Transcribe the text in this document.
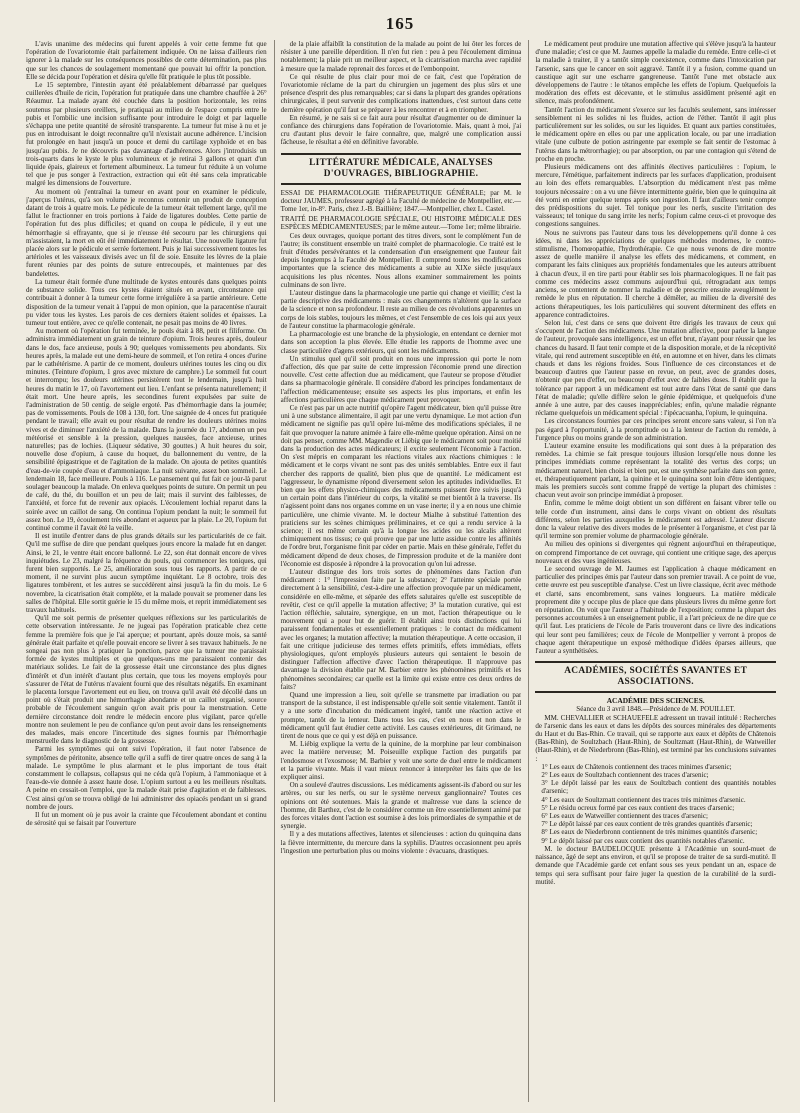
165

L'avis unanime des médecins qui furent appelés à voir cette femme fut que l'opération de l'ovariotomie était parfaitement indiquée. On ne laissa d'ailleurs rien ignorer à la malade sur les conséquences possibles de cette détermination, pas plus que sur les chances de soulagement momentané que pouvait lui offrir la ponction. Elle se décida pour l'opération et désira qu'elle fût pratiquée le plus tôt possible.

Le 15 septembre, l'intestin ayant été préalablement débarrassé par quelques cuillerées d'huile de ricin, l'opération fut pratiquée dans une chambre chauffée à 26° Réaumur. La malade ayant été couchée dans la position horizontale, les reins soutenus par plusieurs oreillers, je pratiquai au milieu de l'espace compris entre le pubis et l'ombilic une incision suffisante pour introduire le doigt et par laquelle s'échappa une petite quantité de sérosité transparente. La tumeur fut mise à nu et je pus en introduisant le doigt reconnaître qu'il n'existait aucune adhérence. L'incision fut prolongée en haut jusqu'à un pouce et demi du cartilage xyphoïde et en bas jusqu'au pubis. Je ne découvris pas davantage d'adhérences. Alors j'introduisis un trois-quarts dans le kyste le plus volumineux et je retirai 3 gallons et quart d'un liquide épais, glaireux et fortement albumineux. La tumeur fut réduite à un volume tel que je pus songer à l'extraction, extraction qui eût été sans cela impraticable malgré les dimensions de l'ouverture.

Au moment où j'entraînai la tumeur en avant pour en examiner le pédicule, j'aperçus l'utérus, qu'à son volume je reconnus contenir un produit de conception datant de trois à quatre mois. Le pédicule de la tumeur était tellement large, qu'il me fallut le fractionner en trois portions à l'aide de ligatures doubles. Cette partie de l'opération fut des plus difficiles; et quand on coupa le pédicule, il y eut une hémorrhagie si effrayante, que si je n'eusse été secouru par les chirurgiens qui m'assistaient, la mort en eût été immédiatement le résultat. Une nouvelle ligature fut placée alors sur le pédicule et serrée fortement. Puis je liai successivement toutes les artérioles et les vaisseaux divisés avec un fil de soie. Ensuite les lèvres de la plaie furent réunies par des points de suture entrecoupés, et maintenues par des bandelettes.

La tumeur était formée d'une multitude de kystes entourés dans quelques points de substance solide. Tous ces kystes étaient situés en avant, circonstance qui contribuait à donner à la tumeur cette forme irrégulière à sa partie antérieure. Cette disposition de la tumeur venait à l'appui de mon opinion, que la paracentèse n'aurait pu vider tous les kystes. Les parois de ces derniers étaient solides et épaisses. La tumeur tout entière, avec ce qu'elle contenait, ne pesait pas moins de 40 livres.

Au moment où l'opération fut terminée, le pouls était à 88, petit et filiforme. On administra immédiatement un grain de teinture d'opium. Trois heures après, douleur dans le dos, face anxieuse, pouls à 90; quelques vomissements peu abondants. Six heures après, la malade eut une demi-heure de sommeil, et l'on retira 4 onces d'urine par le cathétérisme. A partir de ce moment, douleurs utérines toutes les cinq ou dix minutes. (Teinture d'opium, 1 gros avec mixture de camphre.) Le sommeil fut court et interrompu; les douleurs utérines persistèrent tout le lendemain, jusqu'à huit heures du matin le 17, où l'avortement eut lieu. L'enfant se présenta naturellement; il était mort. Une heure après, les secondines furent expulsées par suite de l'administration de 50 centig. de seigle ergoté. Pas d'hémorrhagie dans la journée; pas de vomissements. Pouls de 108 à 130, fort. Une saignée de 4 onces fut pratiquée pendant le travail; elle avait eu pour résultat de rendre les douleurs utérines moins vives et de diminuer l'anxiété de la malade. Dans la journée du 17, abdomen un peu météorisé et sensible à la pression, quelques nausées, face anxieuse, urines naturelles; pas de lochies. (Liqueur sédative, 30 gouttes.) A huit heures du soir, nouvelle dose d'opium, à cause du hoquet, du ballonnement du ventre, de la sensibilité épigastrique et de l'agitation de la malade. On ajouta de petites quantités d'eau-de-vie coupée d'eau et d'ammoniaque. La nuit suivante, assez bon sommeil. Le lendemain 18, face meilleure. Pouls à 116. Le pansement qui fut fait ce jour-là parut soulager beaucoup la malade. On enleva quelques points de suture. On permit un peu de café, du thé, du bouillon et un peu de lait; mais il survint des faiblesses, de l'anxiété, et force fut de revenir aux opiacés. L'écoulement lochial reparut dans la soirée avec un caillot de sang. On continua l'opium pendant la nuit; le sommeil fut assez bon. Le 19, écoulement très abondant et aqueux par la plaie. Le 20, l'opium fut continué comme il l'avait été la veille.

Il est inutile d'entrer dans de plus grands détails sur les particularités de ce fait. Qu'il me suffise de dire que pendant quelques jours encore la malade fut en danger. Ainsi, le 21, le ventre était encore ballonné. Le 22, son état donnait encore de vives inquiétudes. Le 23, malgré la fréquence du pouls, qui commencer les toniques, qui furent bien supportés. Le 25, amélioration sous tous les rapports. A partir de ce moment, il ne survint plus aucun symptôme inquiétant. Le 8 octobre, trois des ligatures tombèrent, et les autres se succédèrent ainsi jusqu'à la fin du mois. Le 6 novembre, la cicatrisation était complète, et la malade pouvait se promener dans les salles de l'hôpital. Elle sortit guérie le 15 du même mois, et reprit immédiatement ses travaux habituels.

Qu'il me soit permis de présenter quelques réflexions sur les particularités de cette observation intéressante. Je ne jugeai pas l'opération praticable chez cette femme la première fois que je l'ai aperçue; et pourtant, après douze mois, sa santé générale était parfaite et qu'elle pouvait encore se livrer à ses travaux habituels. Je ne songeai pas non plus à pratiquer la ponction, parce que la tumeur me paraissait formée de kystes multiples et que quelques-uns me paraissaient contenir des matériaux solides. Le fait de la grossesse était une circonstance des plus dignes d'intérêt et d'un intérêt d'autant plus certain, que tous les moyens employés pour s'assurer de l'état de l'utérus n'avaient fourni que des résultats négatifs. En examinant le placenta lorsque l'avortement eut eu lieu, on trouva qu'il avait été décollé dans un point où s'était produit une hémorrhagie abondante et un caillot organisé, source probable de l'écoulement sanguin qu'on avait pris pour la menstruation. Cette dernière circonstance doit rendre le médecin encore plus vigilant, parce qu'elle montre non seulement le peu de confiance qu'on peut avoir dans les renseignements des malades, mais encore l'incertitude des signes fournis par l'hémorrhagie menstruelle dans le diagnostic de la grossesse.

Parmi les symptômes qui ont suivi l'opération, il faut noter l'absence de symptômes de péritonite, absence telle qu'il a suffi de tirer quatre onces de sang à la malade. Le symptôme le plus alarmant et le plus important de tous était constamment le collapsus, collapsus qui ne céda qu'à l'opium, à l'ammoniaque et à l'eau-de-vie donnée à assez haute dose. L'opium surtout a eu les meilleurs résultats. A peine en cessait-on l'emploi, que la malade était prise d'agitation et de faiblesses. C'est ainsi qu'on se trouva obligé de lui administrer des opiacés pendant un si grand nombre de jours.

Il fut un moment où je pus avoir la crainte que l'écoulement abondant et continu de sérosité qui se faisait par l'ouverture

de la plaie affaiblît la constitution de la malade au point de lui ôter les forces de résister à une pareille déperdition. Il n'en fut rien : peu à peu l'écoulement diminua notablement; la plaie prit un meilleur aspect, et la cicatrisation marcha avec rapidité à mesure que la malade reprenait des forces et de l'embonpoint.

Ce qui résulte de plus clair pour moi de ce fait, c'est que l'opération de l'ovariotomie réclame de la part du chirurgien un jugement des plus sûrs et une présence d'esprit des plus remarquables; car si dans la plupart des grandes opérations chirurgicales, il peut survenir des complications inattendues, c'est surtout dans cette dernière opération qu'il faut se préparer à les rencontrer et à en triompher.

En résumé, je ne sais si ce fait aura pour résultat d'augmenter ou de diminuer la confiance des chirurgiens dans l'opération de l'ovariotomie. Mais, quant à moi, j'ai cru d'autant plus devoir le faire connaître, que, malgré une complication aussi fâcheuse, le résultat a été en définitive favorable.

LITTÉRATURE MÉDICALE, ANALYSES D'OUVRAGES, BIBLIOGRAPHIE.

ESSAI DE PHARMACOLOGIE THÉRAPEUTIQUE GÉNÉRALE; par M. le docteur JAUMES, professeur agrégé à la Faculté de médecine de Montpellier, etc.—Tome 1er, in-8°. Paris, chez J.-B. Baillière; 1847.—Montpellier, chez L. Castel.

TRAITÉ DE PHARMACOLOGIE SPÉCIALE, OU HISTOIRE MÉDICALE DES ESPÈCES MÉDICAMENTEUSES; par le même auteur.—Tome 1er; même librairie.

Ces deux ouvrages, quoique portant des titres divers, sont le complément l'un de l'autre; ils constituent ensemble un traité complet de pharmacologie. Ce traité est le fruit d'études persévérantes et la condensation d'un enseignement que l'auteur fait depuis longtemps à la Faculté de Montpellier. Il comprend toutes les modifications importantes que la science des médicaments a subie au XIXe siècle jusqu'aux acquisitions les plus récentes. Nous allons examiner sommairement les points culminans de son livre.

L'auteur distingue dans la pharmacologie une partie qui change et vieillit; c'est la partie descriptive des médicaments : mais ces changements n'altèrent que la surface de la science et non sa profondeur. Il reste au milieu de ces révolutions apparentes un corps de lois stables, toujours les mêmes, et c'est l'ensemble de ces lois qui aux yeux de l'auteur constitue la pharmacologie générale.

La pharmacologie est une branche de la physiologie, en entendant ce dernier mot dans son acception la plus élevée. Elle étudie les rapports de l'homme avec une classe particulière d'agens extérieurs, qui sont les médicaments.

Un stimulus quel qu'il soit produit en nous une impression qui porte le nom d'affection, dès que par suite de cette impression l'économie prend une direction nouvelle. C'est cette affection due au médicament, que l'auteur se propose d'étudier dans sa pharmacologie générale. Il considère d'abord les principes fondamentaux de l'affection médicamenteuse; ensuite ses aspects les plus importans, et enfin les affections particulières que chaque médicament peut provoquer.

Ce n'est pas par un acte nutritif qu'opère l'agent médicateur, bien qu'il puisse être uni à une substance alimentaire, il agit par une vertu dynamique. Le mot action d'un médicament ne signifie pas qu'il opère lui-même des modifications spéciales, il ne fait que provoquer la nature animée à faire elle-même quelque opération. Ainsi on ne doit pas penser, comme MM. Magendie et Liébig que le médicament soit pour moitié dans la production des actes médicateurs; il excite seulement l'économie à l'action. On s'est mépris en comparant les réactions vitales aux réactions chimiques : le médicament et le corps vivant ne sont pas des unités semblables. Entre eux il faut chercher des rapports de qualité, bien plus que de quantité. Le médicament est l'aggresseur, le dynamisme répond diversement selon les aptitudes individuelles. Et bien que les effets physico-chimiques des médicaments puissent être suivis jusqu'à un certain point dans l'intérieur du corps, la vitalité se met bientôt à la traverse. Ils n'agissent point dans nos organes comme en un vase inerte; il y a en nous une chimie particulière, une chimie vivante. M. le docteur Mialhe à substitué l'attention des praticiens sur les scènes chimiques préliminaires, et ce qui a rendu service à la science; il est même certain qu'à la longue les acides ou les alcalis altèrent chimiquement nos tissus; ce qui prouve que par une lutte assidue contre les affinités de l'ordre brut, l'organisme finit par céder en partie. Mais en thèse générale, l'effet du médicament dépend de deux choses, de l'impression produite et de la manière dont l'économie est disposée à répondre à la provocation qu'on lui adresse.

L'auteur distingue des lors trois sortes de phénomènes dans l'action d'un médicament : 1° l'impression faite par la substance; 2° l'atteinte spéciale portée directement à la sensibilité, c'est-à-dire une affection provoquée par un médicament, considérée en elle-même, et séparée des effets salutaires qu'elle est susceptible de revêtir, c'est ce qu'il appelle la mutation affective; 3° la mutation curative, qui est l'action réfléchie, salutaire, synergique, en un mot, l'action thérapeutique ou le mouvement qui a pour but de guérir. Il établit ainsi trois distinctions qui lui paraissent fondamentales et essentiellement pratiques : le contact du médicament avec les organes; la mutation affective; la mutation thérapeutique. A cette occasion, il fait une critique judicieuse des termes effets primitifs, effets immédiats, effets physiologiques, qu'ont employés plusieurs auteurs qui sentaient le besoin de distinguer l'affection affective d'avec l'action thérapeutique. Il n'approuve pas davantage la division établie par M. Barbier entre les phénomènes primitifs et les phénomènes secondaires; car quelle est la limite qui existe entre ces deux ordres de faits?

Quand une impression a lieu, soit qu'elle se transmette par irradiation ou par transport de la substance, il est indispensable qu'elle soit sentie vitalement. Tantôt il y a une sorte d'incubation du médicament ingéré, tantôt une réaction active et prompte, tantôt de la lenteur. Dans tous les cas, c'est en nous et non dans le médicament qu'il faut étudier cette activité. Les causes extérieures, dit Grimaud, ne tirent de nous que ce qui y est déjà en puissance.

M. Liébig explique la vertu de la quinine, de la morphine par leur combinaison avec la matière nerveuse; M. Poiseuille explique l'action des purgatifs par l'endosmose et l'exosmose; M. Barbier y voit une sorte de duel entre le médicament et la partie vivante. Mais il vaut mieux renoncer à interpréter les faits que de les expliquer ainsi.

On a soulevé d'autres discussions. Les médicaments agissent-ils d'abord ou sur les artères, ou sur les nerfs, ou sur le système nerveux ganglionnaire? Toutes ces opinions ont été soutenues. Mais la grande et maîtresse vue dans la science de l'homme, dit Barthez, c'est de le considérer comme un être essentiellement animé par des forces vitales dont l'action est soumise à des lois primordiales de sympathie et de synergie.

Il y a des mutations affectives, latentes et silencieuses : action du quinquina dans la fièvre intermittente, du mercure dans la syphilis. D'autres occasionnent peu après l'ingestion une perturbation plus ou moins violente : évacuans, drastiques.

Le médicament peut produire une mutation affective qui s'élève jusqu'à la hauteur d'une maladie; c'est ce que M. Jaumes appelle la maladie du remède. Entre celle-ci et la maladie à traiter, il y a tantôt simple coexistence, comme dans l'intoxication par l'arsenic, sans que le cancer en soit aggravé. Tantôt il y a fusion, comme quand un caustique agit sur une escharre gangreneuse. Tantôt l'une met obstacle aux développemens de l'autre : le tétanos empêche les effets de l'opium. Quelquefois la modération des effets est décevante, et le stimulus assidûment présenté agit en silence, mais profondément.

Tantôt l'action du médicament s'exerce sur les facultés seulement, sans intéresser sensiblement ni les solides ni les fluides, action de l'éther. Tantôt il agit plus particulièrement sur les solides, ou sur les liquides. Et quant aux parties constituées, le médicament opère en elles ou par une application locale, ou par une irradiation vitale (une culbute de potion astringente par exemple se fait sentir de l'estomac à l'utérus dans la métrorrhagie); ou par absorption, ou par une contagion qui s'étend de proche en proche.

Plusieurs médicamens ont des affinités électives particulières : l'opium, le mercure, l'émétique, parfaitement indirects par les surfaces d'application, produisent au loin des effets remarquables. L'absorption du médicament n'est pas même toujours nécessaire : on a vu une fièvre intermittente guérie, bien que le quinquina ait été vomi en entier quelque temps après son ingestion. Il faut d'ailleurs tenir compte des prédispositions du sujet. Tel tonique pour les nerfs, suscite l'irritation des vaisseaux; tel tonique du sang irrite les nerfs; l'opium calme ceux-ci et provoque des congestions sanguines.

Nous ne suivrons pas l'auteur dans tous les développemens qu'il donne à ces idées, ni dans les appréciations de quelques méthodes modernes, le contro-stimulisme, l'homœopathie, l'hydrothérapie. Ce que nous venons de dire montre assez de quelle manière il analyse les effets des médicamens, et comment, en comparant les faits cliniques aux propriétés fondamentales que les auteurs attribuent à chacun d'eux, il en tire parti pour établir ses lois pharmacologiques. Il ne fait pas comme ces médecins assez communs aujourd'hui qui, rétrogradant aux temps anciens, se contentent de nommer la maladie et de prescrire ensuite aveuglément le remède le plus en réputation. Il cherche à démêler, au milieu de la diversité des actions thérapeutiques, les lois particulières qui souvent déterminent des effets en apparence contradictoires.

Selon lui, c'est dans ce sens que doivent être dirigés les travaux de ceux qui s'occupent de l'action des médicamens. Une mutation affective, pour parler la langue de l'auteur, provoquée sans intelligence, est un effet brut, n'ayant pour réussir que les chances du hasard. Il faut tenir compte et de la disposition morale, et de la réceptivité vitale, qui rend autrement susceptible en été, en automne et en hiver, dans les climats chauds et dans les régions froides. Sous l'influence de ces circonstances et de beaucoup d'autres que l'auteur passe en revue, on peut, avec de grandes doses, n'obtenir que peu d'effet, ou beaucoup d'effet avec de faibles doses. Il établit que la tolérance par rapport à un médicament est tout autre dans l'état de santé que dans l'état de maladie; qu'elle diffère selon le génie épidémique, et quelquefois d'une année à une autre, par des causes inappréciables; enfin, qu'une maladie régnante réclame quelquefois un médicament spécial : l'ipécacuanha, l'opium, le quinquina.

Les circonstances fournies par ces principes seront encore sans valeur, si l'on n'a pas égard à l'opportunité, à la promptitude ou à la lenteur de l'action du remède, à l'urgence plus ou moins grande de son administration.

L'auteur examine ensuite les modifications qui sont dues à la préparation des remèdes. La chimie se fait presque toujours illusion lorsqu'elle nous donne les principes immédiats comme représentant la totalité des vertus des corps; un médicament naturel, bien choisi et bien pur, est une synthèse parfaite dans son genre, et, thérapeutiquement parlant, la quinine et le quinquina sont loin d'être identiques; mais les premiers succès sont comme frappé de vertige la plupart des chimistes : chacun veut avoir son principe immédiat à proposer.

Enfin, comme le même doigt obtient un son différent en faisant vibrer telle ou telle corde d'un instrument, ainsi dans le corps vivant on obtient des résultats différens, selon les parties auxquelles le médicament est adressé. L'auteur discute donc la valeur relative des divers modes de le présenter à l'organisme, et c'est par là qu'il termine son premier volume de pharmacologie générale.

Au milieu des opinions si divergentes qui règnent aujourd'hui en thérapeutique, on comprend l'importance de cet ouvrage, qui contient une critique sage, des aperçus nouveaux et des vues ingénieuses.

Le second ouvrage de M. Jaumes est l'application à chaque médicament en particulier des principes émis par l'auteur dans son premier travail. A ce point de vue, cette œuvre est peu susceptible d'analyse. C'est un livre classique, écrit avec méthode et clarté, sans encombrement, sans vaines longueurs. La matière médicale proprement dite y occupe plus de place que dans plusieurs livres du même genre fort en réputation. On voit que l'auteur a l'habitude de l'exposition; comme la plupart des personnes accoutumées à un enseignement public, il a l'art précieux de ne dire que ce qu'il faut. Les praticiens de l'école de Paris trouveront dans ce livre des indications qui leur sont peu familières; ceux de l'école de Montpellier y verront à propos de chaque agent thérapeutique un exposé méthodique d'idées éparses ailleurs, que l'auteur a synthétisées.

ACADÉMIES, SOCIÉTÉS SAVANTES ET ASSOCIATIONS.

ACADÉMIE DES SCIENCES.

Séance du 3 avril 1848.—Présidence de M. POUILLET.

MM. CHEVALLIER et SCHAUEFELE adressent un travail intitulé : Recherches de l'arsenic dans les eaux et dans les dépôts des sources minérales des départements du Haut et du Bas-Rhin. Ce travail, qui se rapporte aux eaux et dépôts de Châtenois (Bas-Rhin), de Soultzbach (Haut-Rhin), de Soultzmatt (Haut-Rhin), de Watweiller (Haut-Rhin), et de Niederbronn (Bas-Rhin), est terminé par les conclusions suivantes :

1° Les eaux de Châtenois contiennent des traces minimes d'arsenic;

2° Les eaux de Soultzbach contiennent des traces d'arsenic;

3° Le dépôt laissé par les eaux de Soultzbach contient des quantités notables d'arsenic;

4° Les eaux de Soultzmatt contiennent des traces très minimes d'arsenic.

5° Le résidu ocreux formé par ces eaux contient des traces d'arsenic;

6° Les eaux de Watweiller contiennent des traces d'arsenic;

7° Le dépôt laissé par ces eaux contient de très grandes quantités d'arsenic;

8° Les eaux de Niederbronn contiennent de très minimes quantités d'arsenic;

9° Le dépôt laissé par ces eaux contient des quantités notables d'arsenic.

M. le docteur BAUDELOCQUE présente à l'Académie un sourd-muet de naissance, âgé de sept ans environ, et qu'il se propose de traiter de sa surdi-mutité. Il demande que l'Académie garde cet enfant sous ses yeux pendant un an, espace de temps qui sera suffisant pour faire juger la question de la curabilité de la surdi-mutité.
